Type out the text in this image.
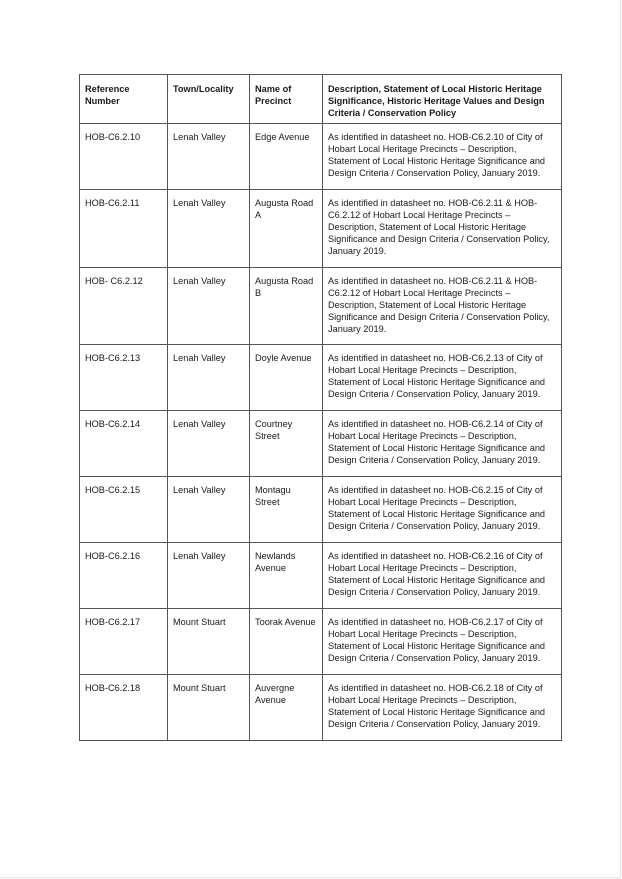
Reference Number	Town/Locality	Name of Precinct	Description, Statement of Local Historic Heritage Significance, Historic Heritage Values and Design Criteria / Conservation Policy
HOB-C6.2.10	Lenah Valley	Edge Avenue	As identified in datasheet no. HOB-C6.2.10 of City of Hobart Local Heritage Precincts – Description, Statement of Local Historic Heritage Significance and Design Criteria / Conservation Policy, January 2019.
HOB-C6.2.11	Lenah Valley	Augusta Road A	As identified in datasheet no. HOB-C6.2.11 & HOB-C6.2.12 of Hobart Local Heritage Precincts – Description, Statement of Local Historic Heritage Significance and Design Criteria / Conservation Policy, January 2019.
HOB- C6.2.12	Lenah Valley	Augusta Road B	As identified in datasheet no. HOB-C6.2.11 & HOB-C6.2.12 of Hobart Local Heritage Precincts – Description, Statement of Local Historic Heritage Significance and Design Criteria / Conservation Policy, January 2019.
HOB-C6.2.13	Lenah Valley	Doyle Avenue	As identified in datasheet no. HOB-C6.2.13 of City of Hobart Local Heritage Precincts – Description, Statement of Local Historic Heritage Significance and Design Criteria / Conservation Policy, January 2019.
HOB-C6.2.14	Lenah Valley	Courtney Street	As identified in datasheet no. HOB-C6.2.14 of City of Hobart Local Heritage Precincts – Description, Statement of Local Historic Heritage Significance and Design Criteria / Conservation Policy, January 2019.
HOB-C6.2.15	Lenah Valley	Montagu Street	As identified in datasheet no. HOB-C6.2.15 of City of Hobart Local Heritage Precincts – Description, Statement of Local Historic Heritage Significance and Design Criteria / Conservation Policy, January 2019.
HOB-C6.2.16	Lenah Valley	Newlands Avenue	As identified in datasheet no. HOB-C6.2.16 of City of Hobart Local Heritage Precincts – Description, Statement of Local Historic Heritage Significance and Design Criteria / Conservation Policy, January 2019.
HOB-C6.2.17	Mount Stuart	Toorak Avenue	As identified in datasheet no. HOB-C6.2.17 of City of Hobart Local Heritage Precincts – Description, Statement of Local Historic Heritage Significance and Design Criteria / Conservation Policy, January 2019.
HOB-C6.2.18	Mount Stuart	Auvergne Avenue	As identified in datasheet no. HOB-C6.2.18 of City of Hobart Local Heritage Precincts – Description, Statement of Local Historic Heritage Significance and Design Criteria / Conservation Policy, January 2019.
